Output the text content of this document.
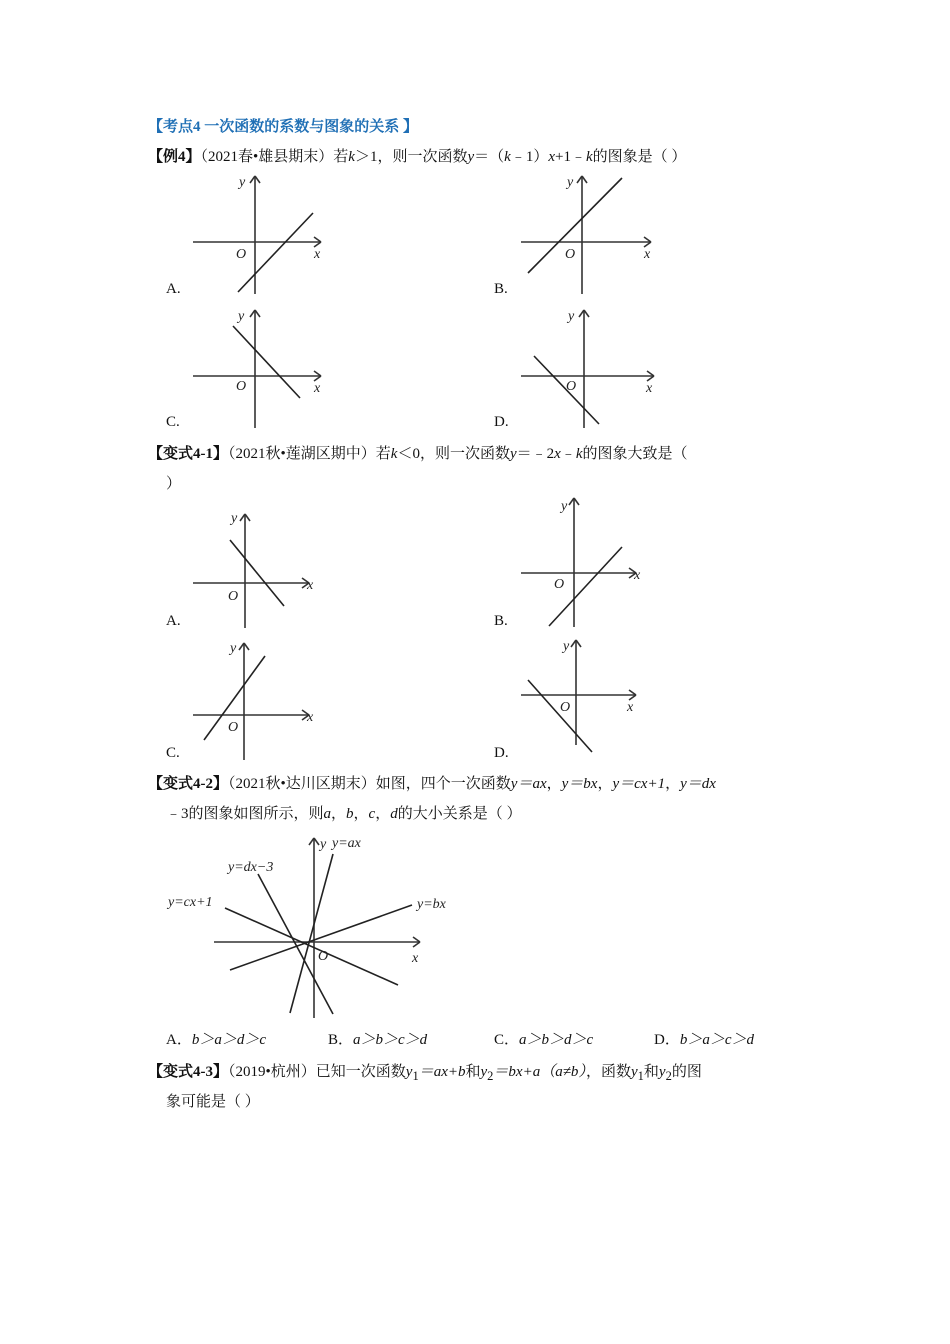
【考点4 一次函数的系数与图象的关系 】
【例4】（2021春•雄县期末）若k＞1，则一次函数y＝（k﹣1）x+1﹣k的图象是（ ）
y
x
O
y
x
O
y
x
O
y
x
O
y
x
O
y
x
O
y
x
O
y
x
O
y y=ax
y=dx−3
y=cx+1	y=bx
x
O
A.	B.
C.	D.
【变式4-1】（2021秋•莲湖区期中）若k＜0，则一次函数y＝﹣2x﹣k的图象大致是（
）
A.	B.
C.	D.
【变式4-2】（2021秋•达川区期末）如图，四个一次函数y＝ax，y＝bx，y＝cx+1，y＝dx
﹣3的图象如图所示，则a，b，c，d的大小关系是（ ）
A．b＞a＞d＞c	B．a＞b＞c＞d	C．a＞b＞d＞c	D．b＞a＞c＞d
【变式4-3】（2019•杭州）已知一次函数$y_1=ax+b$和$y_2=bx+a(a\ne b)$，函数$y_1$和$y_2$的图
象可能是（ ）
